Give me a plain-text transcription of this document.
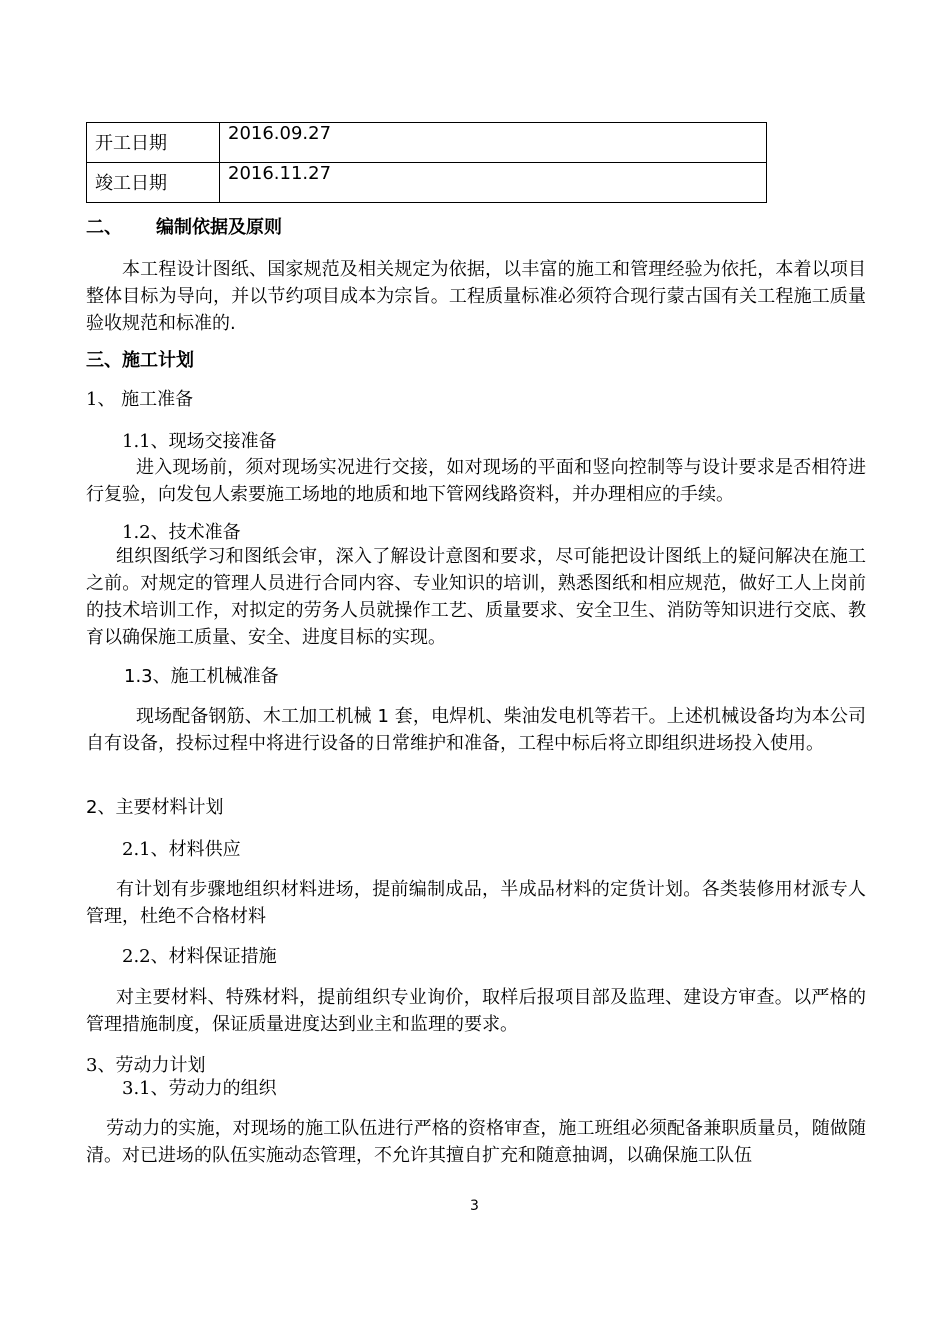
开工日期	2016.09.27
竣工日期	2016.11.27
二、 编制依据及原则
本工程设计图纸、国家规范及相关规定为依据，以丰富的施工和管理经验为依托，本着以项目整体目标为导向，并以节约项目成本为宗旨。工程质量标准必须符合现行蒙古国有关工程施工质量验收规范和标准的.
三、施工计划
1、 施工准备
1.1、现场交接准备
进入现场前，须对现场实况进行交接，如对现场的平面和竖向控制等与设计要求是否相符进行复验，向发包人索要施工场地的地质和地下管网线路资料，并办理相应的手续。
1.2、技术准备
组织图纸学习和图纸会审，深入了解设计意图和要求，尽可能把设计图纸上的疑问解决在施工之前。对规定的管理人员进行合同内容、专业知识的培训，熟悉图纸和相应规范，做好工人上岗前的技术培训工作，对拟定的劳务人员就操作工艺、质量要求、安全卫生、消防等知识进行交底、教育以确保施工质量、安全、进度目标的实现。
1.3、施工机械准备
现场配备钢筋、木工加工机械 1 套，电焊机、柴油发电机等若干。上述机械设备均为本公司自有设备，投标过程中将进行设备的日常维护和准备，工程中标后将立即组织进场投入使用。
2、主要材料计划
2.1、材料供应
有计划有步骤地组织材料进场，提前编制成品，半成品材料的定货计划。各类装修用材派专人管理，杜绝不合格材料
2.2、材料保证措施
对主要材料、特殊材料，提前组织专业询价，取样后报项目部及监理、建设方审查。以严格的管理措施制度，保证质量进度达到业主和监理的要求。
3、劳动力计划
3.1、劳动力的组织
劳动力的实施，对现场的施工队伍进行严格的资格审查，施工班组必须配备兼职质量员，随做随清。对已进场的队伍实施动态管理，不允许其擅自扩充和随意抽调，以确保施工队伍
3
